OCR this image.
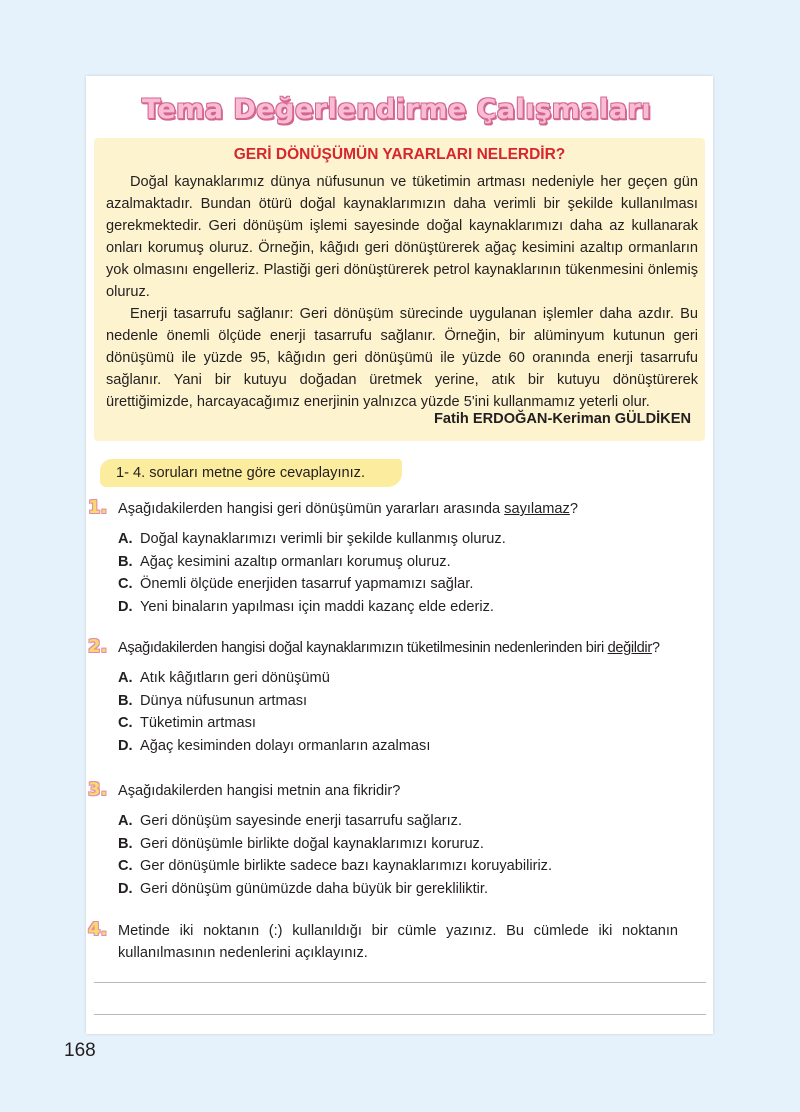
Tema Değerlendirme Çalışmaları
GERİ DÖNÜŞÜMÜN YARARLARI NELERDİR?

Doğal kaynaklarımız dünya nüfusunun ve tüketimin artması nedeniyle her geçen gün azalmaktadır. Bundan ötürü doğal kaynaklarımızın daha verimli bir şekilde kullanılması gerekmektedir. Geri dönüşüm işlemi sayesinde doğal kaynaklarımızı daha az kullanarak onları korumuş oluruz. Örneğin, kâğıdı geri dönüştürerek ağaç kesimini azaltıp ormanların yok olmasını engelleriz. Plastiği geri dönüştürerek petrol kaynaklarının tükenmesini önlemiş oluruz.

Enerji tasarrufu sağlanır: Geri dönüşüm sürecinde uygulanan işlemler daha azdır. Bu nedenle önemli ölçüde enerji tasarrufu sağlanır. Örneğin, bir alüminyum kutunun geri dönüşümü ile yüzde 95, kâğıdın geri dönüşümü ile yüzde 60 oranında enerji tasarrufu sağlanır. Yani bir kutuyu doğadan üretmek yerine, atık bir kutuyu dönüştürerek ürettiğimizde, harcayacağımız enerjinin yalnızca yüzde 5'ini kullanmamız yeterli olur.

Fatih ERDOĞAN-Keriman GÜLDİKEN
1- 4. soruları metne göre cevaplayınız.
1. Aşağıdakilerden hangisi geri dönüşümün yararları arasında sayılamaz?
A. Doğal kaynaklarımızı verimli bir şekilde kullanmış oluruz.
B. Ağaç kesimini azaltıp ormanları korumuş oluruz.
C. Önemli ölçüde enerjiden tasarruf yapmamızı sağlar.
D. Yeni binaların yapılması için maddi kazanç elde ederiz.
2. Aşağıdakilerden hangisi doğal kaynaklarımızın tüketilmesinin nedenlerinden biri değildir?
A. Atık kâğıtların geri dönüşümü
B. Dünya nüfusunun artması
C. Tüketimin artması
D. Ağaç kesiminden dolayı ormanların azalması
3. Aşağıdakilerden hangisi metnin ana fikridir?
A. Geri dönüşüm sayesinde enerji tasarrufu sağlarız.
B. Geri dönüşümle birlikte doğal kaynaklarımızı koruruz.
C. Ger dönüşümle birlikte sadece bazı kaynaklarımızı koruyabiliriz.
D. Geri dönüşüm günümüzde daha büyük bir gerekliliktir.
4. Metinde iki noktanın (:) kullanıldığı bir cümle yazınız. Bu cümlede iki noktanın kullanılmasının nedenlerini açıklayınız.
168
